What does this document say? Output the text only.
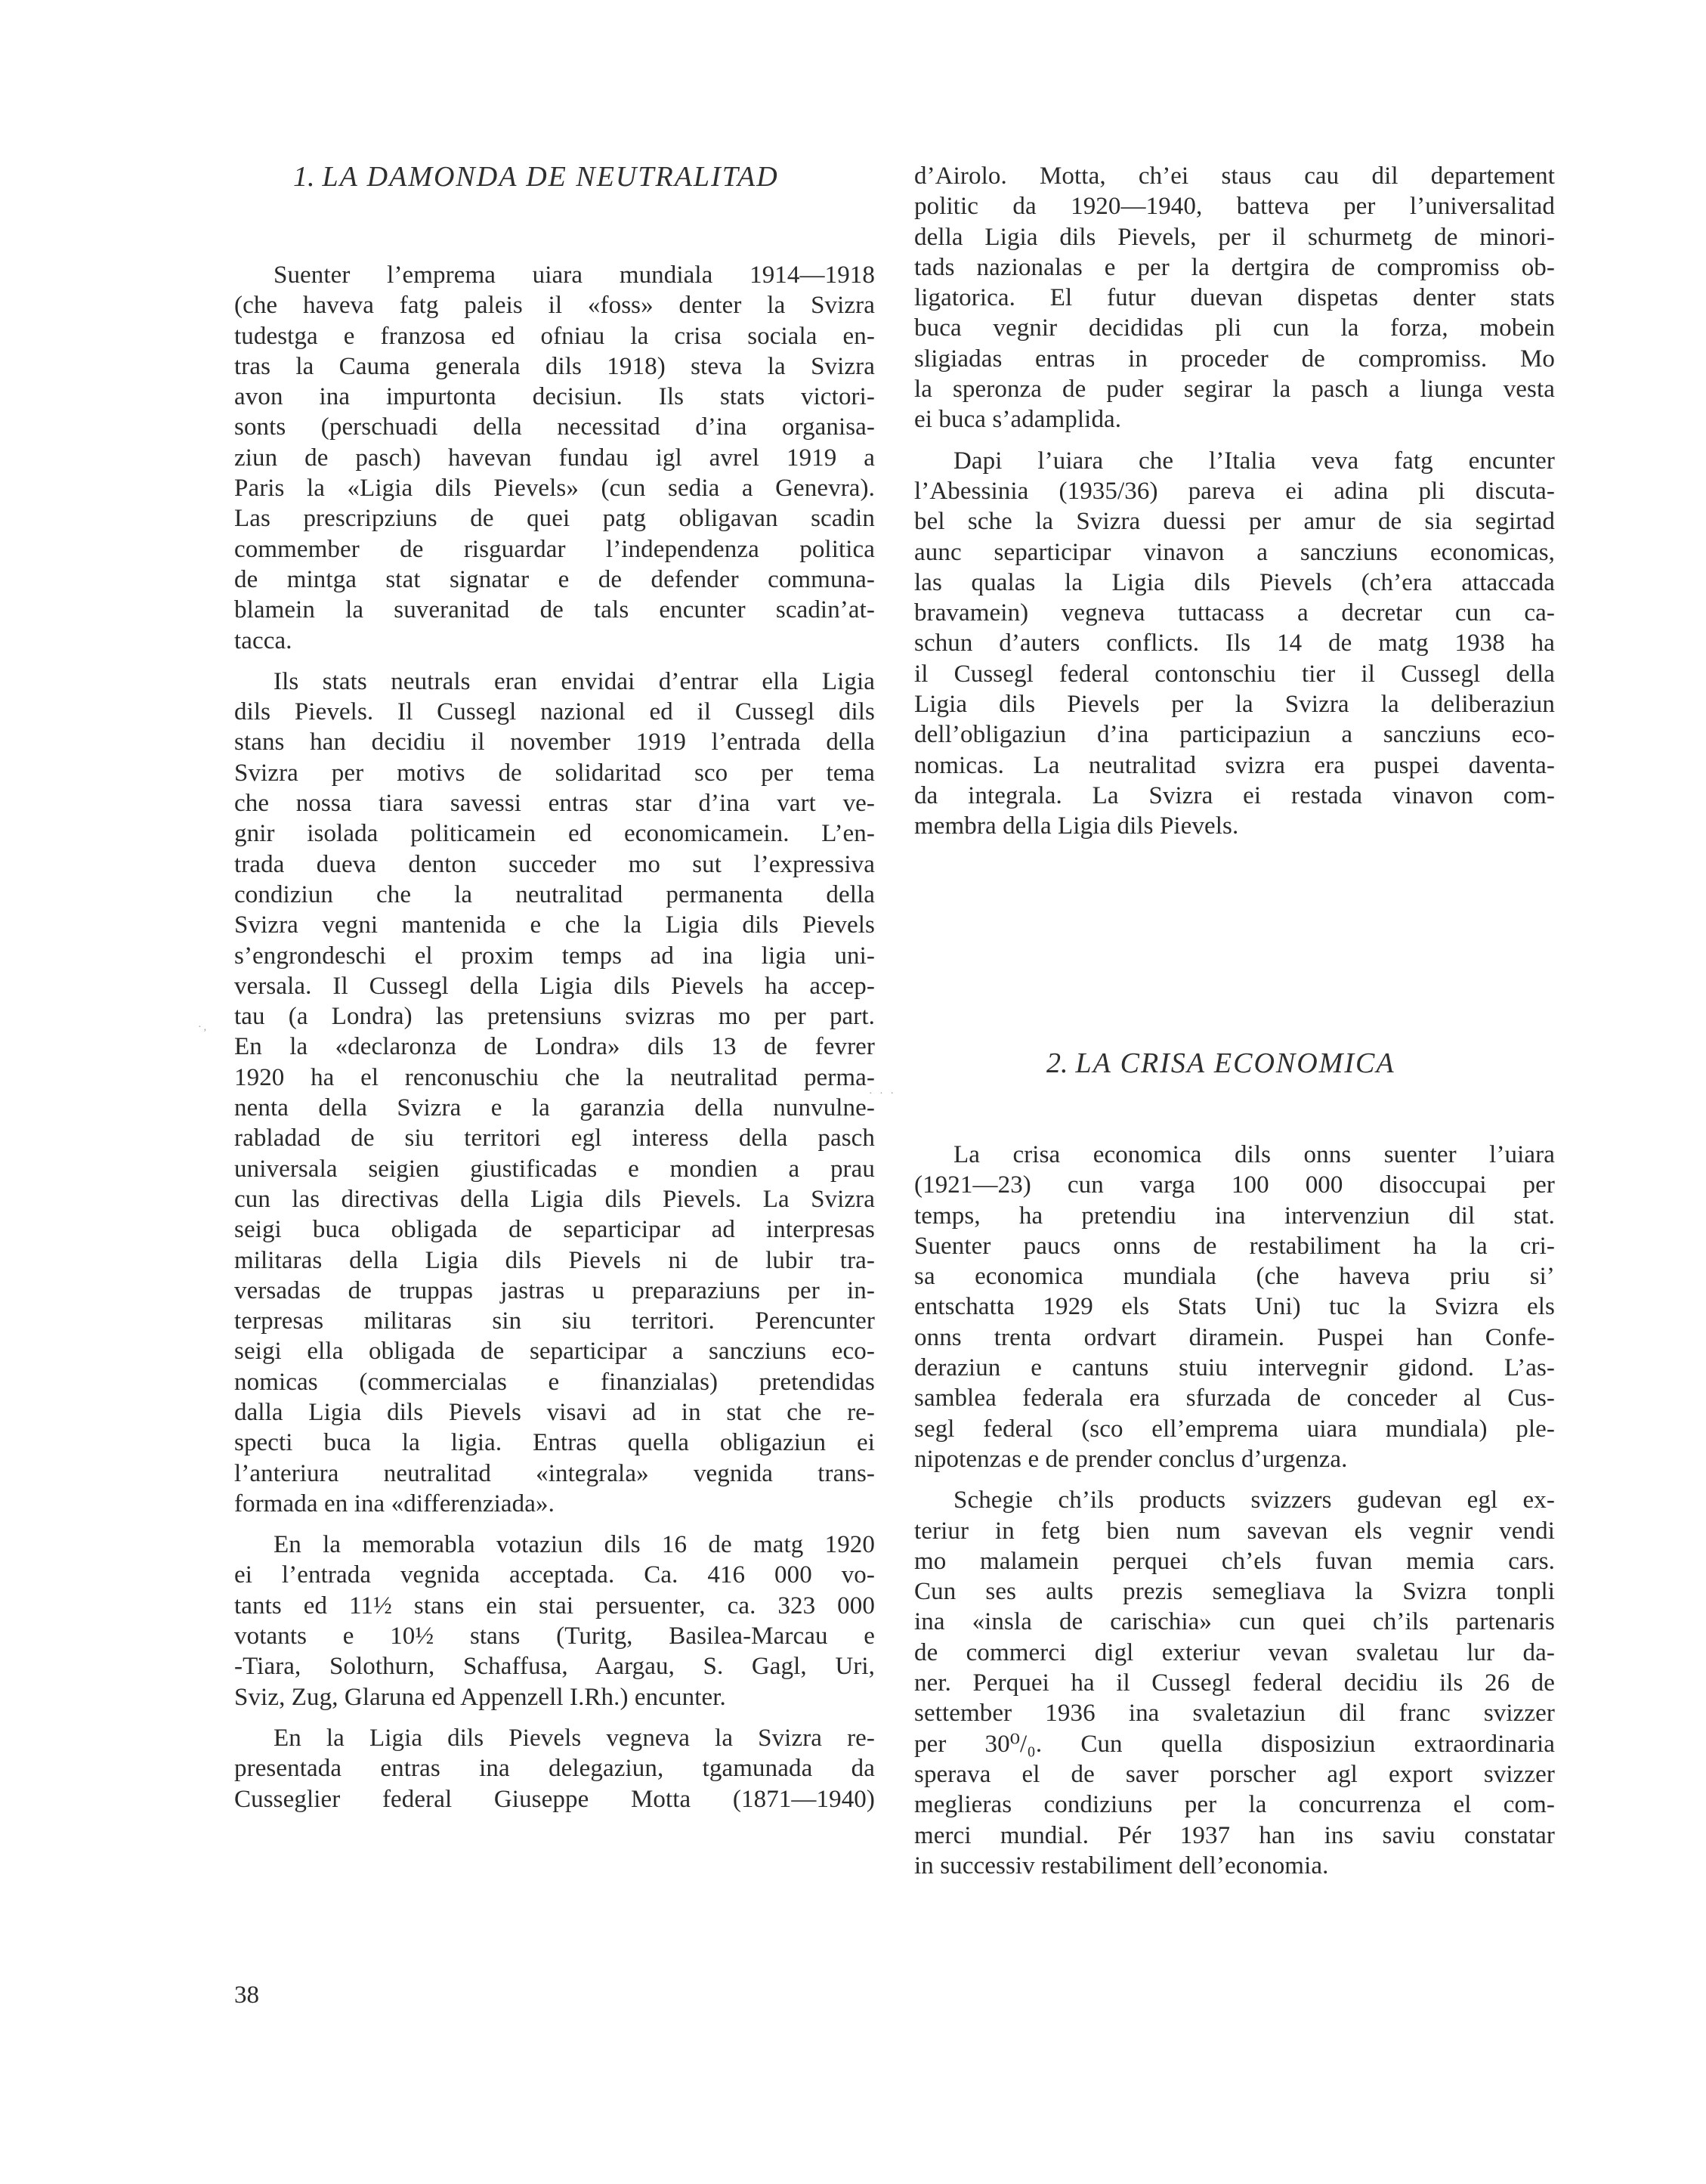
1. LA DAMONDA DE NEUTRALITAD
Suenter l’emprema uiara mundiala 1914—1918
(che haveva fatg paleis il «foss» denter la Svizra
tudestga e franzosa ed ofniau la crisa sociala en-
tras la Cauma generala dils 1918) steva la Svizra
avon ina impurtonta decisiun. Ils stats victori-
sonts (perschuadi della necessitad d’ina organisa-
ziun de pasch) havevan fundau igl avrel 1919 a
Paris la «Ligia dils Pievels» (cun sedia a Genevra).
Las prescripziuns de quei patg obligavan scadin
commember de risguardar l’independenza politica
de mintga stat signatar e de defender communa-
blamein la suveranitad de tals encunter scadin’at-
tacca.
Ils stats neutrals eran envidai d’entrar ella Ligia
dils Pievels. Il Cussegl nazional ed il Cussegl dils
stans han decidiu il november 1919 l’entrada della
Svizra per motivs de solidaritad sco per tema
che nossa tiara savessi entras star d’ina vart ve-
gnir isolada politicamein ed economicamein. L’en-
trada dueva denton succeder mo sut l’expressiva
condiziun che la neutralitad permanenta della
Svizra vegni mantenida e che la Ligia dils Pievels
s’engrondeschi el proxim temps ad ina ligia uni-
versala. Il Cussegl della Ligia dils Pievels ha accep-
tau (a Londra) las pretensiuns svizras mo per part.
En la «declaronza de Londra» dils 13 de fevrer
1920 ha el renconuschiu che la neutralitad perma-
nenta della Svizra e la garanzia della nunvulne-
rabladad de siu territori egl interess della pasch
universala seigien giustificadas e mondien a prau
cun las directivas della Ligia dils Pievels. La Svizra
seigi buca obligada de separticipar ad interpresas
militaras della Ligia dils Pievels ni de lubir tra-
versadas de truppas jastras u preparaziuns per in-
terpresas militaras sin siu territori. Perencunter
seigi ella obligada de separticipar a sancziuns eco-
nomicas (commercialas e finanzialas) pretendidas
dalla Ligia dils Pievels visavi ad in stat che re-
specti buca la ligia. Entras quella obligaziun ei
l’anteriura neutralitad «integrala» vegnida trans-
formada en ina «differenziada».
En la memorabla votaziun dils 16 de matg 1920
ei l’entrada vegnida acceptada. Ca. 416 000 vo-
tants ed 11½ stans ein stai persuenter, ca. 323 000
votants e 10½ stans (Turitg, Basilea-Marcau e
-Tiara, Solothurn, Schaffusa, Aargau, S. Gagl, Uri,
Sviz, Zug, Glaruna ed Appenzell I.Rh.) encunter.
En la Ligia dils Pievels vegneva la Svizra re-
presentada entras ina delegaziun, tgamunada da
Cusseglier federal Giuseppe Motta (1871—1940)
·,
· · ·
d’Airolo. Motta, ch’ei staus cau dil departement
politic da 1920—1940, batteva per l’universalitad
della Ligia dils Pievels, per il schurmetg de minori-
tads nazionalas e per la dertgira de compromiss ob-
ligatorica. El futur duevan dispetas denter stats
buca vegnir decididas pli cun la forza, mobein
sligiadas entras in proceder de compromiss. Mo
la speronza de puder segirar la pasch a liunga vesta
ei buca s’adamplida.
Dapi l’uiara che l’Italia veva fatg encunter
l’Abessinia (1935/36) pareva ei adina pli discuta-
bel sche la Svizra duessi per amur de sia segirtad
aunc separticipar vinavon a sancziuns economicas,
las qualas la Ligia dils Pievels (ch’era attaccada
bravamein) vegneva tuttacass a decretar cun ca-
schun d’auters conflicts. Ils 14 de matg 1938 ha
il Cussegl federal contonschiu tier il Cussegl della
Ligia dils Pievels per la Svizra la deliberaziun
dell’obligaziun d’ina participaziun a sancziuns eco-
nomicas. La neutralitad svizra era puspei daventa-
da integrala. La Svizra ei restada vinavon com-
membra della Ligia dils Pievels.
2. LA CRISA ECONOMICA
La crisa economica dils onns suenter l’uiara
(1921—23) cun varga 100 000 disoccupai per
temps, ha pretendiu ina intervenziun dil stat.
Suenter paucs onns de restabiliment ha la cri-
sa economica mundiala (che haveva priu si’
entschatta 1929 els Stats Uni) tuc la Svizra els
onns trenta ordvart diramein. Puspei han Confe-
deraziun e cantuns stuiu intervegnir gidond. L’as-
samblea federala era sfurzada de conceder al Cus-
segl federal (sco ell’emprema uiara mundiala) ple-
nipotenzas e de prender conclus d’urgenza.
Schegie ch’ils products svizzers gudevan egl ex-
teriur in fetg bien num savevan els vegnir vendi
mo malamein perquei ch’els fuvan memia cars.
Cun ses aults prezis semegliava la Svizra tonpli
ina «insla de carischia» cun quei ch’ils partenaris
de commerci digl exteriur vevan svaletau lur da-
ner. Perquei ha il Cussegl federal decidiu ils 26 de
settember 1936 ina svaletaziun dil franc svizzer
per 30⁰/₀. Cun quella disposiziun extraordinaria
sperava el de saver porscher agl export svizzer
meglieras condiziuns per la concurrenza el com-
merci mundial. Pér 1937 han ins saviu constatar
in successiv restabiliment dell’economia.
38
